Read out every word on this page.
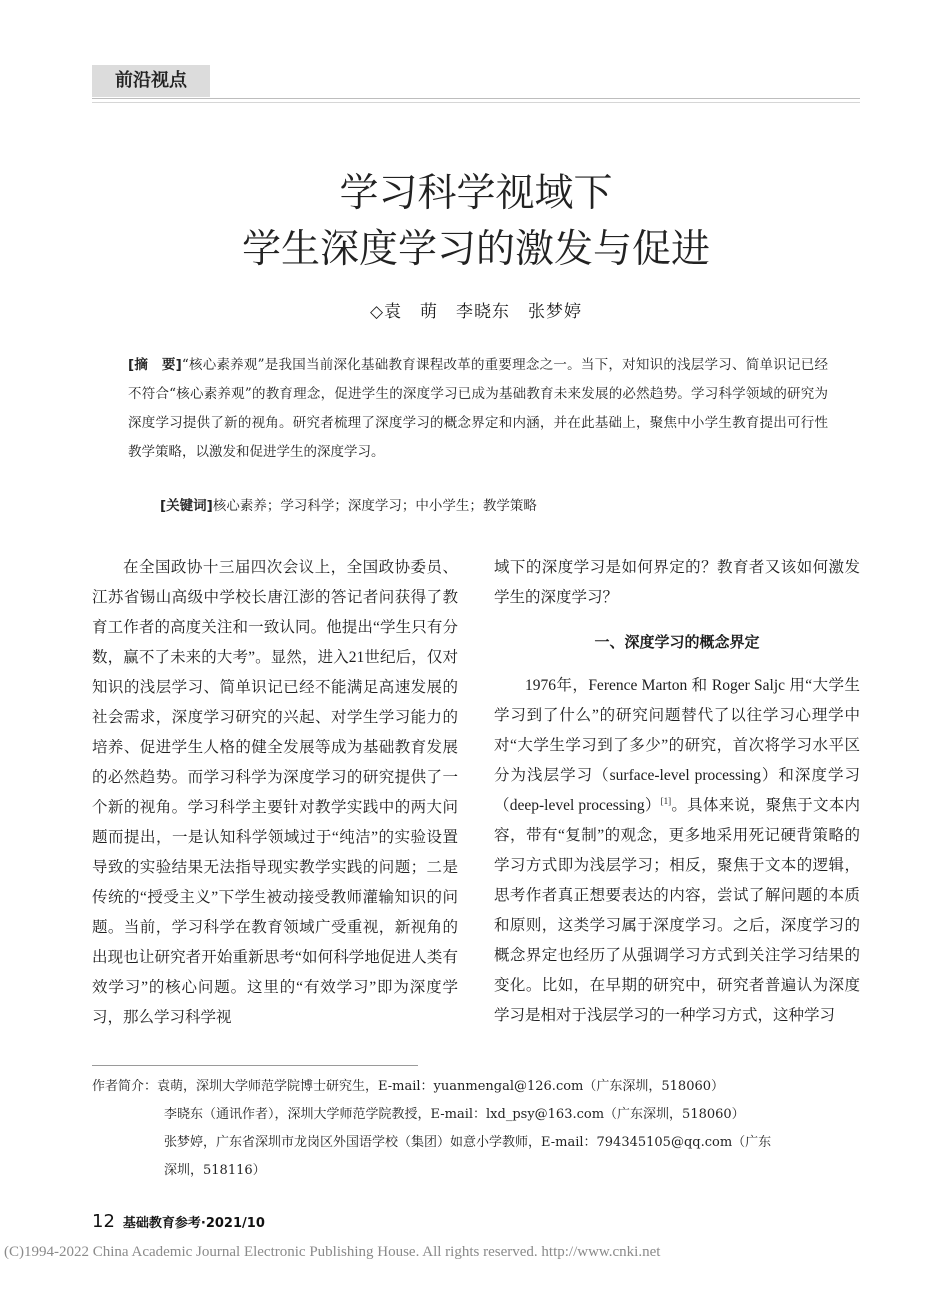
前沿视点
学习科学视域下
学生深度学习的激发与促进
◇袁　萌　李晓东　张梦婷
[摘　要]“核心素养观”是我国当前深化基础教育课程改革的重要理念之一。当下，对知识的浅层学习、简单识记已经不符合“核心素养观”的教育理念，促进学生的深度学习已成为基础教育未来发展的必然趋势。学习科学领域的研究为深度学习提供了新的视角。研究者梳理了深度学习的概念界定和内涵，并在此基础上，聚焦中小学生教育提出可行性教学策略，以激发和促进学生的深度学习。
[关键词]核心素养；学习科学；深度学习；中小学生；教学策略

在全国政协十三届四次会议上，全国政协委员、江苏省锡山高级中学校长唐江澎的答记者问获得了教育工作者的高度关注和一致认同。他提出“学生只有分数，赢不了未来的大考”。显然，进入21世纪后，仅对知识的浅层学习、简单识记已经不能满足高速发展的社会需求，深度学习研究的兴起、对学生学习能力的培养、促进学生人格的健全发展等成为基础教育发展的必然趋势。而学习科学为深度学习的研究提供了一个新的视角。学习科学主要针对教学实践中的两大问题而提出，一是认知科学领域过于“纯洁”的实验设置导致的实验结果无法指导现实教学实践的问题；二是传统的“授受主义”下学生被动接受教师灌输知识的问题。当前，学习科学在教育领域广受重视，新视角的出现也让研究者开始重新思考“如何科学地促进人类有效学习”的核心问题。这里的“有效学习”即为深度学习，那么学习科学视

域下的深度学习是如何界定的？教育者又该如何激发学生的深度学习？

一、深度学习的概念界定

1976年，Ference Marton 和 Roger Saljc 用“大学生学习到了什么”的研究问题替代了以往学习心理学中对“大学生学习到了多少”的研究，首次将学习水平区分为浅层学习（surface-level processing）和深度学习（deep-level processing）[1]。具体来说，聚焦于文本内容，带有“复制”的观念，更多地采用死记硬背策略的学习方式即为浅层学习；相反，聚焦于文本的逻辑，思考作者真正想要表达的内容，尝试了解问题的本质和原则，这类学习属于深度学习。之后，深度学习的概念界定也经历了从强调学习方式到关注学习结果的变化。比如，在早期的研究中，研究者普遍认为深度学习是相对于浅层学习的一种学习方式，这种学习

作者简介：袁萌，深圳大学师范学院博士研究生，E-mail：yuanmengal@126.com（广东深圳，518060）
李晓东（通讯作者），深圳大学师范学院教授，E-mail：lxd_psy@163.com（广东深圳，518060）
张梦婷，广东省深圳市龙岗区外国语学校（集团）如意小学教师，E-mail：794345105@qq.com（广东
深圳，518116）
12 基础教育参考·2021/10
(C)1994-2022 China Academic Journal Electronic Publishing House. All rights reserved. http://www.cnki.net
